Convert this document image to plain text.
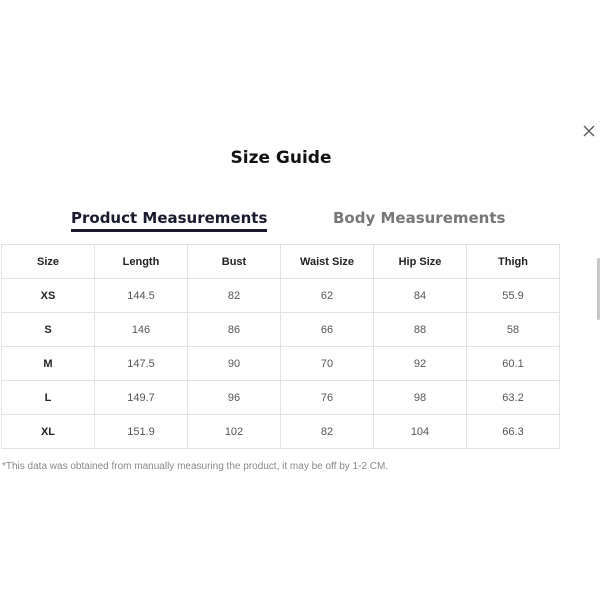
Size Guide
Product Measurements	Body Measurements
Size	Length	Bust	Waist Size	Hip Size	Thigh
XS	144.5	82	62	84	55.9
S	146	86	66	88	58
M	147.5	90	70	92	60.1
L	149.7	96	76	98	63.2
XL	151.9	102	82	104	66.3
*This data was obtained from manually measuring the product, it may be off by 1-2 CM.
